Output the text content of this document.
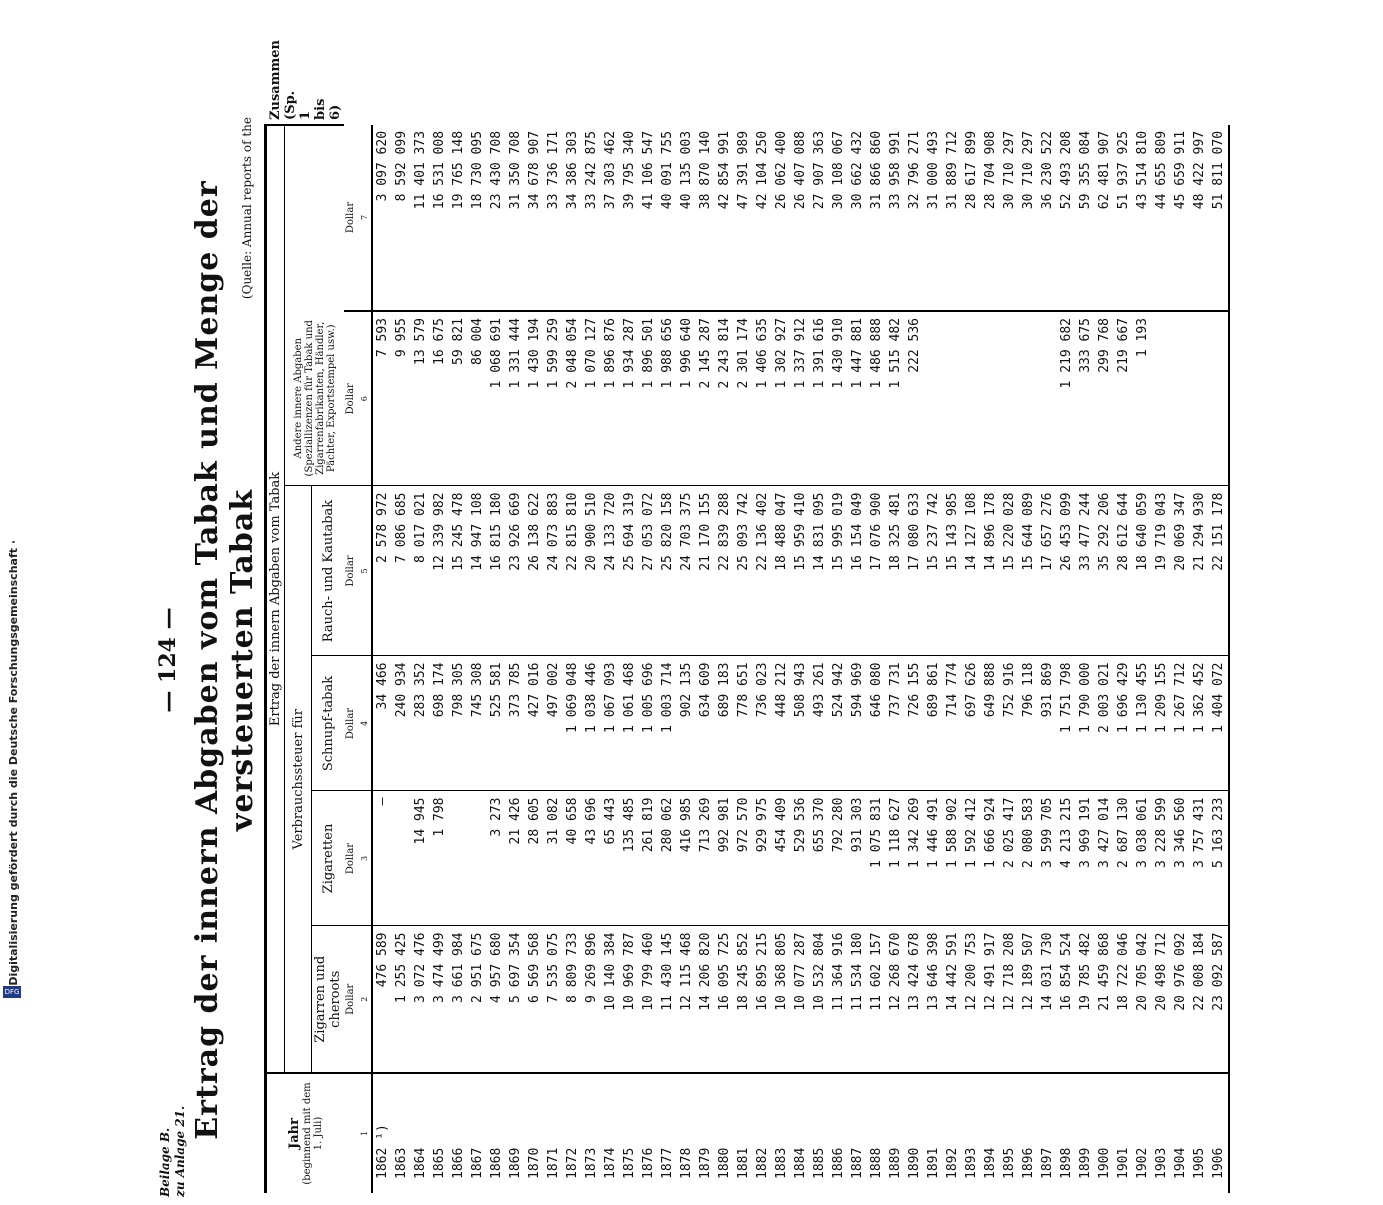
Digitalisierung gefördert durch die Deutsche Forschungsgemeinschaft ·
DFG
Beilage B. zu Anlage 21.
— 124 — Ertrag der innern Abgaben vom Tabak und Menge der versteuerten Tabak
(Quelle: Annual reports of the
Jahr (beginnend mit dem 1. Juli)	Ertrag der innern Abgaben vom Tabak						Zusammen (Sp. 1 bis 6)

	Verbrauchssteuer für				Andere innere Abgaben (Speziallizenzen für Tabak und Zigarrenfabrikanten, Händler, Pächter, Exportstempel usw.)		
	Zigarren und cheroots	Zigaretten	Schnupf-tabak	Rauch- und Kautabak			
	Dollar	Dollar	Dollar	Dollar	Dollar	Dollar	
1	2	3	4	5	6	7	
1862 ¹)	476 589	—	34 466	2 578 972	7 593	3 097 620	
1863	1 255 425		240 934	7 086 685	9 955	8 592 099	
1864	3 072 476	14 945	283 352	8 017 021	13 579	11 401 373	
1865	3 474 499	1 798	698 174	12 339 982	16 675	16 531 008	
1866	3 661 984		798 305	15 245 478	59 821	19 765 148	
1867	2 951 675		745 308	14 947 108	86 004	18 730 095	
1868	4 957 680	3 273	525 581	16 815 180	1 068 691	23 430 708	
1869	5 697 354	21 426	373 785	23 926 669	1 331 444	31 350 708	
1870	6 569 568	28 605	427 016	26 138 622	1 430 194	34 678 907	
1871	7 535 075	31 082	497 002	24 073 883	1 599 259	33 736 171	
1872	8 809 733	40 658	1 069 048	22 815 810	2 048 054	34 386 303	
1873	9 269 896	43 696	1 038 446	20 900 510	1 070 127	33 242 875	
1874	10 140 384	65 443	1 067 093	24 133 720	1 896 876	37 303 462	
1875	10 969 787	135 485	1 061 468	25 694 319	1 934 287	39 795 340	
1876	10 799 460	261 819	1 005 696	27 053 072	1 896 501	41 106 547	
1877	11 430 145	280 062	1 003 714	25 820 158	1 988 656	40 091 755	
1878	12 115 468	416 985	902 135	24 703 375	1 996 640	40 135 003	
1879	14 206 820	713 269	634 609	21 170 155	2 145 287	38 870 140	
1880	16 095 725	992 981	689 183	22 839 288	2 243 814	42 854 991	
1881	18 245 852	972 570	778 651	25 093 742	2 301 174	47 391 989	
1882	16 895 215	929 975	736 023	22 136 402	1 406 635	42 104 250	
1883	10 368 805	454 409	448 212	18 488 047	1 302 927	26 062 400	
1884	10 077 287	529 536	508 943	15 959 410	1 337 912	26 407 088	
1885	10 532 804	655 370	493 261	14 831 095	1 391 616	27 907 363	
1886	11 364 916	792 280	524 942	15 995 019	1 430 910	30 108 067	
1887	11 534 180	931 303	594 969	16 154 049	1 447 881	30 662 432	
1888	11 602 157	1 075 831	646 080	17 076 900	1 486 888	31 866 860	
1889	12 268 670	1 118 627	737 731	18 325 481	1 515 482	33 958 991	
1890	13 424 678	1 342 269	726 155	17 080 633	222 536	32 796 271	
1891	13 646 398	1 446 491	689 861	15 237 742		31 000 493	
1892	14 442 591	1 588 902	714 774	15 143 985		31 889 712	
1893	12 200 753	1 592 412	697 626	14 127 108		28 617 899	
1894	12 491 917	1 666 924	649 888	14 896 178		28 704 908	
1895	12 718 208	2 025 417	752 916	15 220 028		30 710 297	
1896	12 189 507	2 080 583	796 118	15 644 089		30 710 297	
1897	14 031 730	3 599 705	931 869	17 657 276		36 230 522	
1898	16 854 524	4 213 215	1 751 798	26 453 099	1 219 682	52 493 208	
1899	19 785 482	3 969 191	1 790 000	33 477 244	333 675	59 355 084	
1900	21 459 868	3 427 014	2 003 021	35 292 206	299 768	62 481 907	
1901	18 722 046	2 687 130	1 696 429	28 612 644	219 667	51 937 925	
1902	20 705 042	3 038 061	1 130 455	18 640 059	1 193	43 514 810	
1903	20 498 712	3 228 599	1 209 155	19 719 043		44 655 809	
1904	20 976 092	3 346 560	1 267 712	20 069 347		45 659 911	
1905	22 008 184	3 757 431	1 362 452	21 294 930		48 422 997	
1906	23 092 587	5 163 233	1 404 072	22 151 178		51 811 070	
